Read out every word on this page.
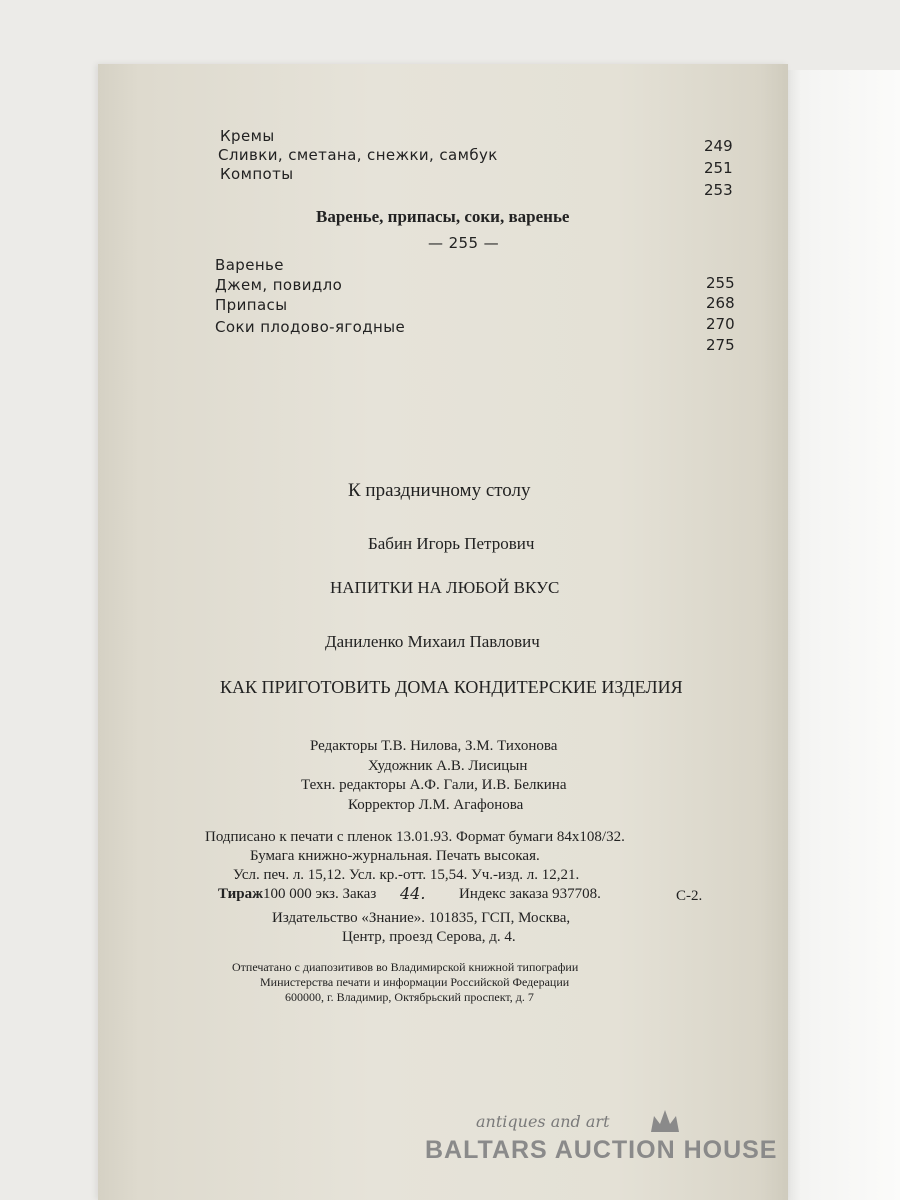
Кремы
Сливки, сметана, снежки, самбук
Компоты
249
251
253
Варенье, припасы, соки, варенье
— 255 —
Варенье
Джем, повидло
Припасы
Соки плодово-ягодные
255
268
270
275
К праздничному столу
Бабин Игорь Петрович
НАПИТКИ НА ЛЮБОЙ ВКУС
Даниленко Михаил Павлович
КАК ПРИГОТОВИТЬ ДОМА КОНДИТЕРСКИЕ ИЗДЕЛИЯ
Редакторы Т.В. Нилова, З.М. Тихонова
Художник А.В. Лисицын
Техн. редакторы А.Ф. Гали, И.В. Белкина
Корректор Л.М. Агафонова
Подписано к печати с пленок 13.01.93. Формат бумаги 84х108/32.
Бумага книжно-журнальная. Печать высокая.
Усл. печ. л. 15,12. Усл. кр.-отт. 15,54. Уч.-изд. л. 12,21.
Тираж 100 000 экз. Заказ 44. Индекс заказа 937708.	С-2.
Издательство «Знание». 101835, ГСП, Москва,
Центр, проезд Серова, д. 4.
Отпечатано с диапозитивов во Владимирской книжной типографии
Министерства печати и информации Российской Федерации
600000, г. Владимир, Октябрьский проспект, д. 7
antiques and art
BALTARS AUCTION HOUSE
